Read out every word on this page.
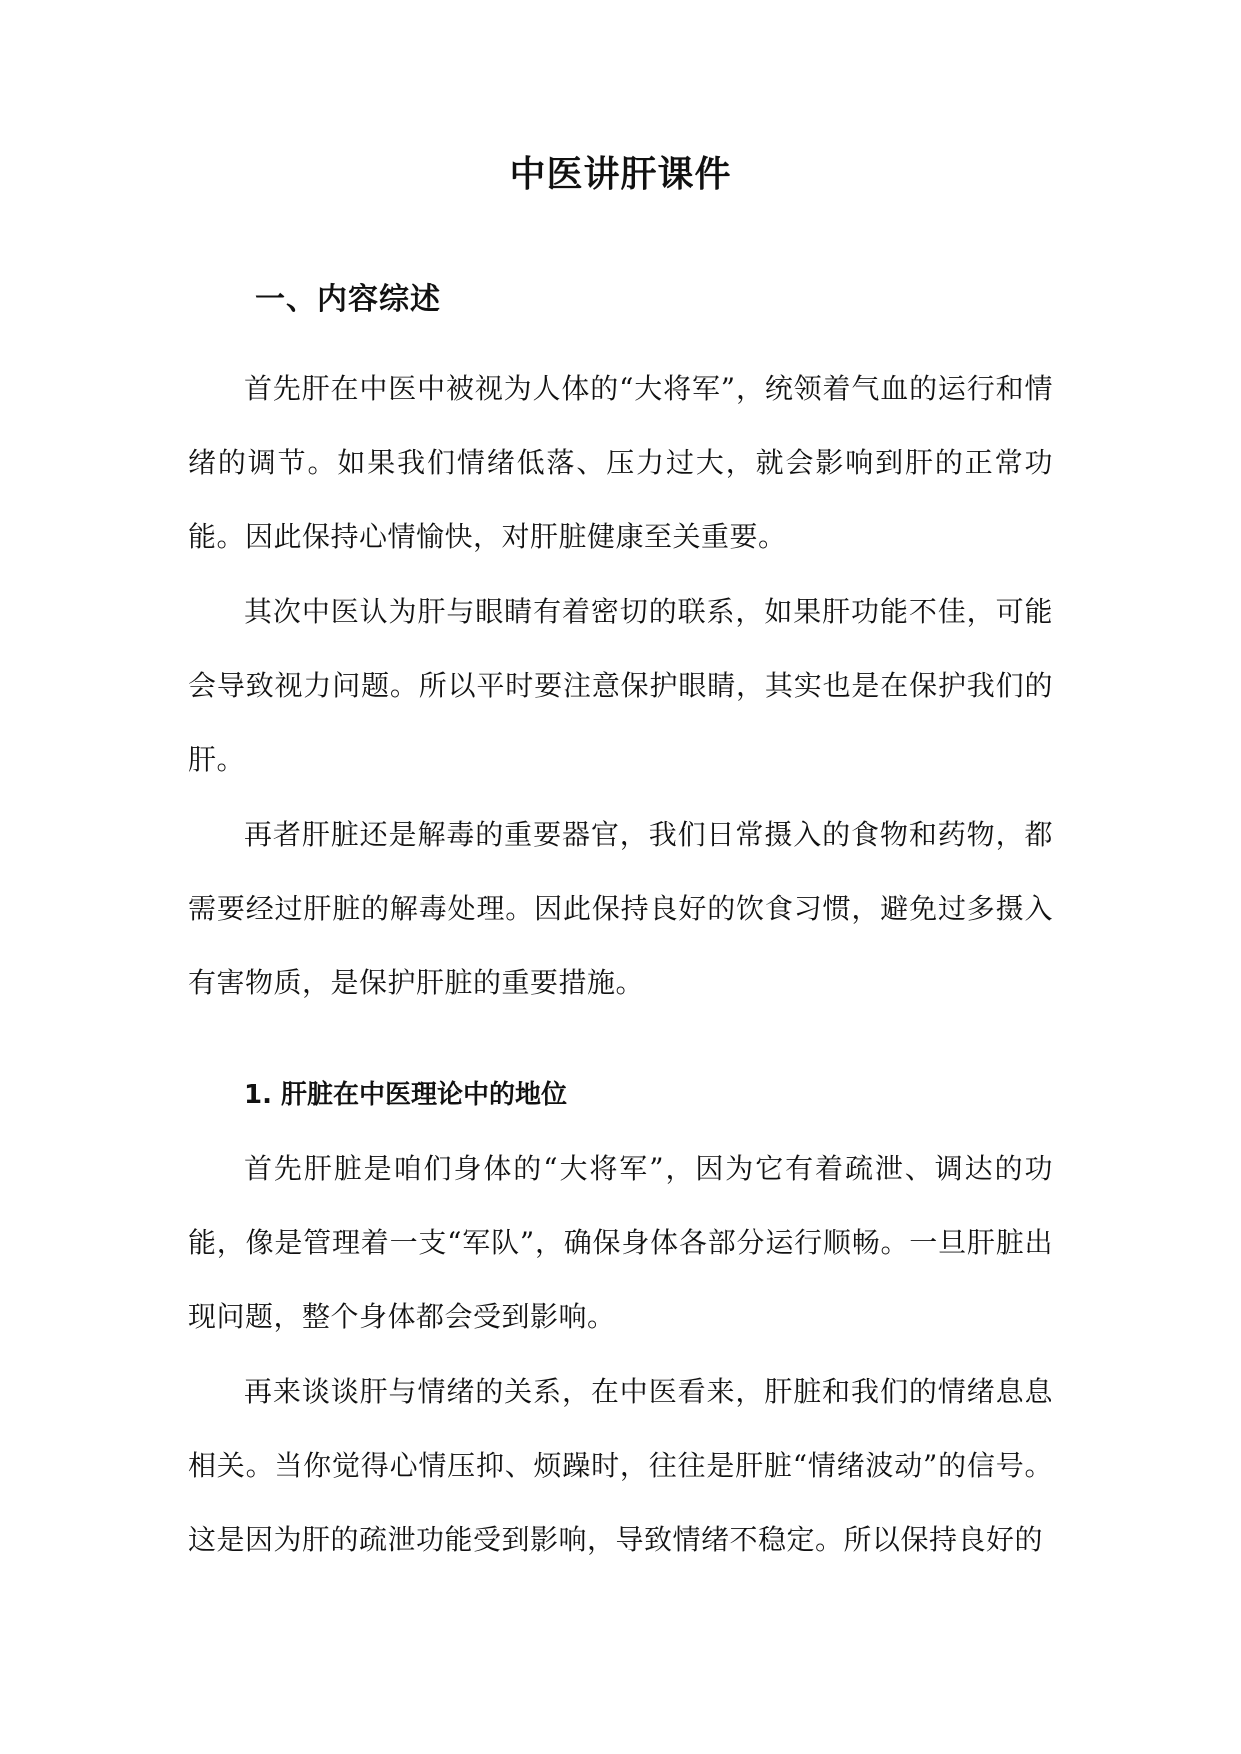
中医讲肝课件
一、内容综述

首先肝在中医中被视为人体的“大将军”，统领着气血的运行和情绪的调节。如果我们情绪低落、压力过大，就会影响到肝的正常功能。因此保持心情愉快，对肝脏健康至关重要。

其次中医认为肝与眼睛有着密切的联系，如果肝功能不佳，可能会导致视力问题。所以平时要注意保护眼睛，其实也是在保护我们的肝。

再者肝脏还是解毒的重要器官，我们日常摄入的食物和药物，都需要经过肝脏的解毒处理。因此保持良好的饮食习惯，避免过多摄入有害物质，是保护肝脏的重要措施。

1. 肝脏在中医理论中的地位

首先肝脏是咱们身体的“大将军”，因为它有着疏泄、调达的功能，像是管理着一支“军队”，确保身体各部分运行顺畅。一旦肝脏出现问题，整个身体都会受到影响。

再来谈谈肝与情绪的关系，在中医看来，肝脏和我们的情绪息息相关。当你觉得心情压抑、烦躁时，往往是肝脏“情绪波动”的信号。这是因为肝的疏泄功能受到影响，导致情绪不稳定。所以保持良好的
